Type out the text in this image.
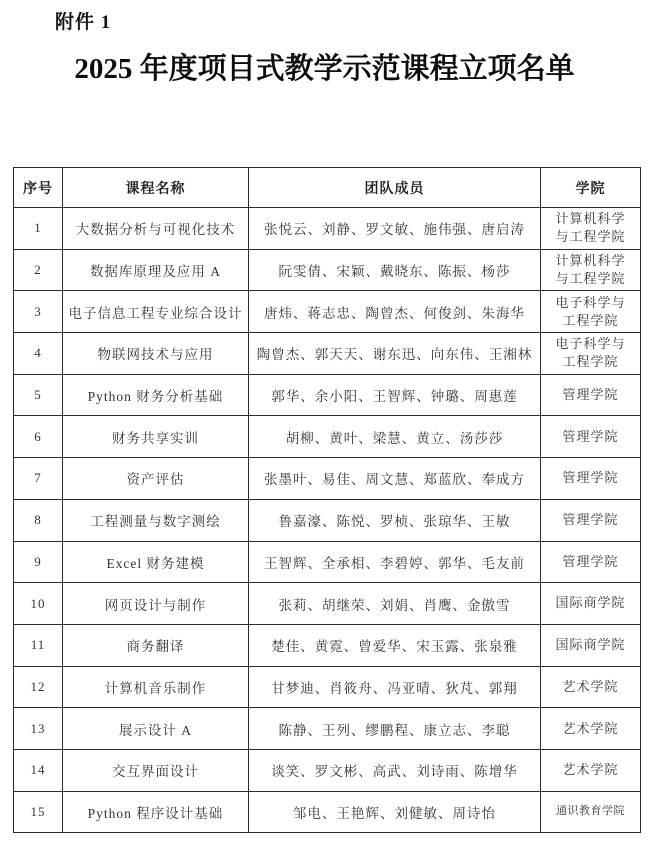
附件 1
2025 年度项目式教学示范课程立项名单
序号	课程名称	团队成员	学院
1	大数据分析与可视化技术	张悦云、刘静、罗文敏、施伟强、唐启涛	计算机科学与工程学院
2	数据库原理及应用 A	阮雯倩、宋颖、戴晓东、陈振、杨莎	计算机科学与工程学院
3	电子信息工程专业综合设计	唐炜、蒋志忠、陶曾杰、何俊剑、朱海华	电子科学与工程学院
4	物联网技术与应用	陶曾杰、郭天天、谢东迅、向东伟、王湘林	电子科学与工程学院
5	Python 财务分析基础	郭华、余小阳、王智辉、钟璐、周惠莲	管理学院
6	财务共享实训	胡柳、黄叶、梁慧、黄立、汤莎莎	管理学院
7	资产评估	张墨叶、易佳、周文慧、郑蓝欣、奉成方	管理学院
8	工程测量与数字测绘	鲁嘉濠、陈悦、罗桢、张琼华、王敏	管理学院
9	Excel 财务建模	王智辉、全承相、李碧婷、郭华、毛友前	管理学院
10	网页设计与制作	张莉、胡继荣、刘娟、肖鹰、金傲雪	国际商学院
11	商务翻译	楚佳、黄霓、曾爱华、宋玉露、张泉雅	国际商学院
12	计算机音乐制作	甘梦迪、肖筱舟、冯亚晴、狄芃、郭翔	艺术学院
13	展示设计 A	陈静、王列、缪鹏程、康立志、李聪	艺术学院
14	交互界面设计	谈笑、罗文彬、高武、刘诗雨、陈增华	艺术学院
15	Python 程序设计基础	邹电、王艳辉、刘健敏、周诗怡	通识教育学院
